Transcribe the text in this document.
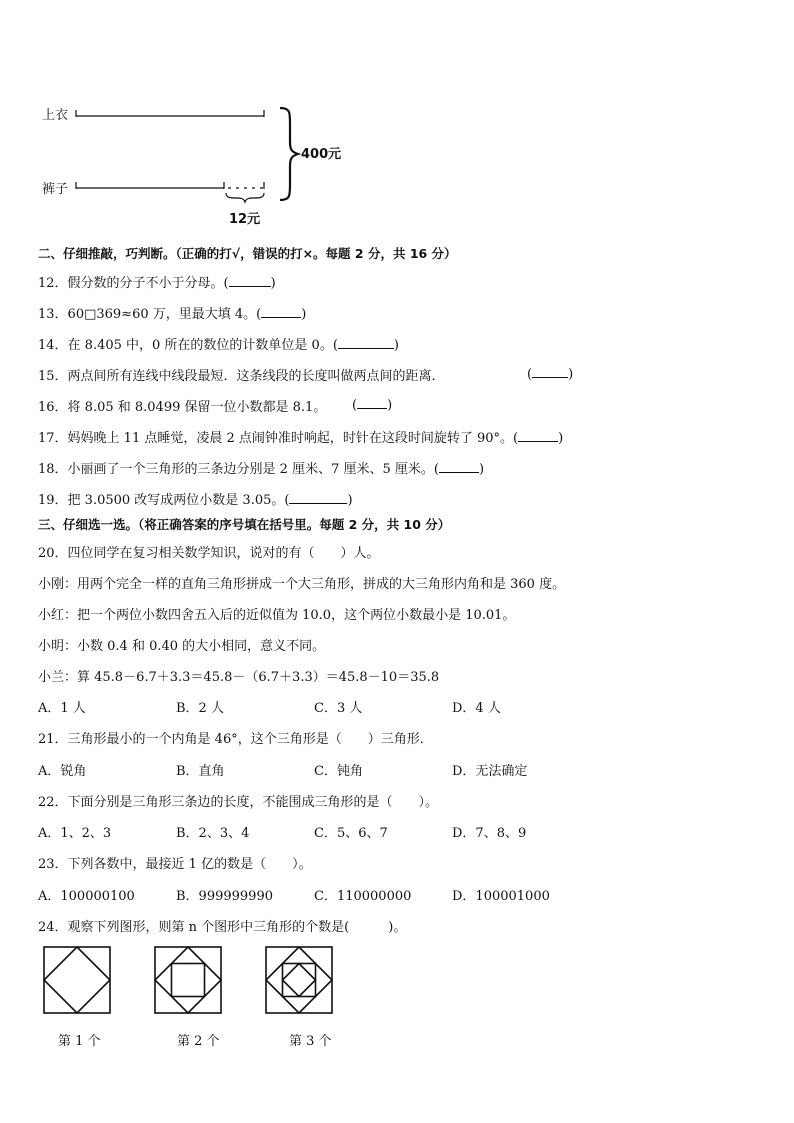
上衣
裤子
400元
12元
二、仔细推敲，巧判断。（正确的打√，错误的打×。每题 2 分，共 16 分）
12．假分数的分子不小于分母。(	)
13．60□369≈60 万，里最大填 4。(	)
14．在 8.405 中，0 所在的数位的计数单位是 0。(	)
15．两点间所有连线中线段最短．这条线段的长度叫做两点间的距离．	(	)
16．将 8.05 和 8.0499 保留一位小数都是 8.1。 ( )
17．妈妈晚上 11 点睡觉，凌晨 2 点闹钟准时响起，时针在这段时间旋转了 90°。(	)
18．小丽画了一个三角形的三条边分别是 2 厘米、7 厘米、5 厘米。(	)
19．把 3.0500 改写成两位小数是 3.05。(	)
三、仔细选一选。（将正确答案的序号填在括号里。每题 2 分，共 10 分）
20．四位同学在复习相关数学知识，说对的有（　　）人。
小刚：用两个完全一样的直角三角形拼成一个大三角形，拼成的大三角形内角和是 360 度。
小红：把一个两位小数四舍五入后的近似值为 10.0，这个两位小数最小是 10.01。
小明：小数 0.4 和 0.40 的大小相同，意义不同。
小兰：算 45.8－6.7＋3.3＝45.8－（6.7＋3.3）＝45.8－10＝35.8
A．1 人	B．2 人	C．3 人	D．4 人
21．三角形最小的一个内角是 46°，这个三角形是（　　）三角形．
A．锐角	B．直角	C．钝角	D．无法确定
22．下面分别是三角形三条边的长度，不能围成三角形的是（　　）。
A．1、2、3	B．2、3、4	C．5、6、7	D．7、8、9
23．下列各数中，最接近 1 亿的数是（　　）。
A．100000100	B．999999990	C．110000000	D．100001000
24．观察下列图形，则第 n 个图形中三角形的个数是(　　　)。
第 1 个	第 2 个	第 3 个
